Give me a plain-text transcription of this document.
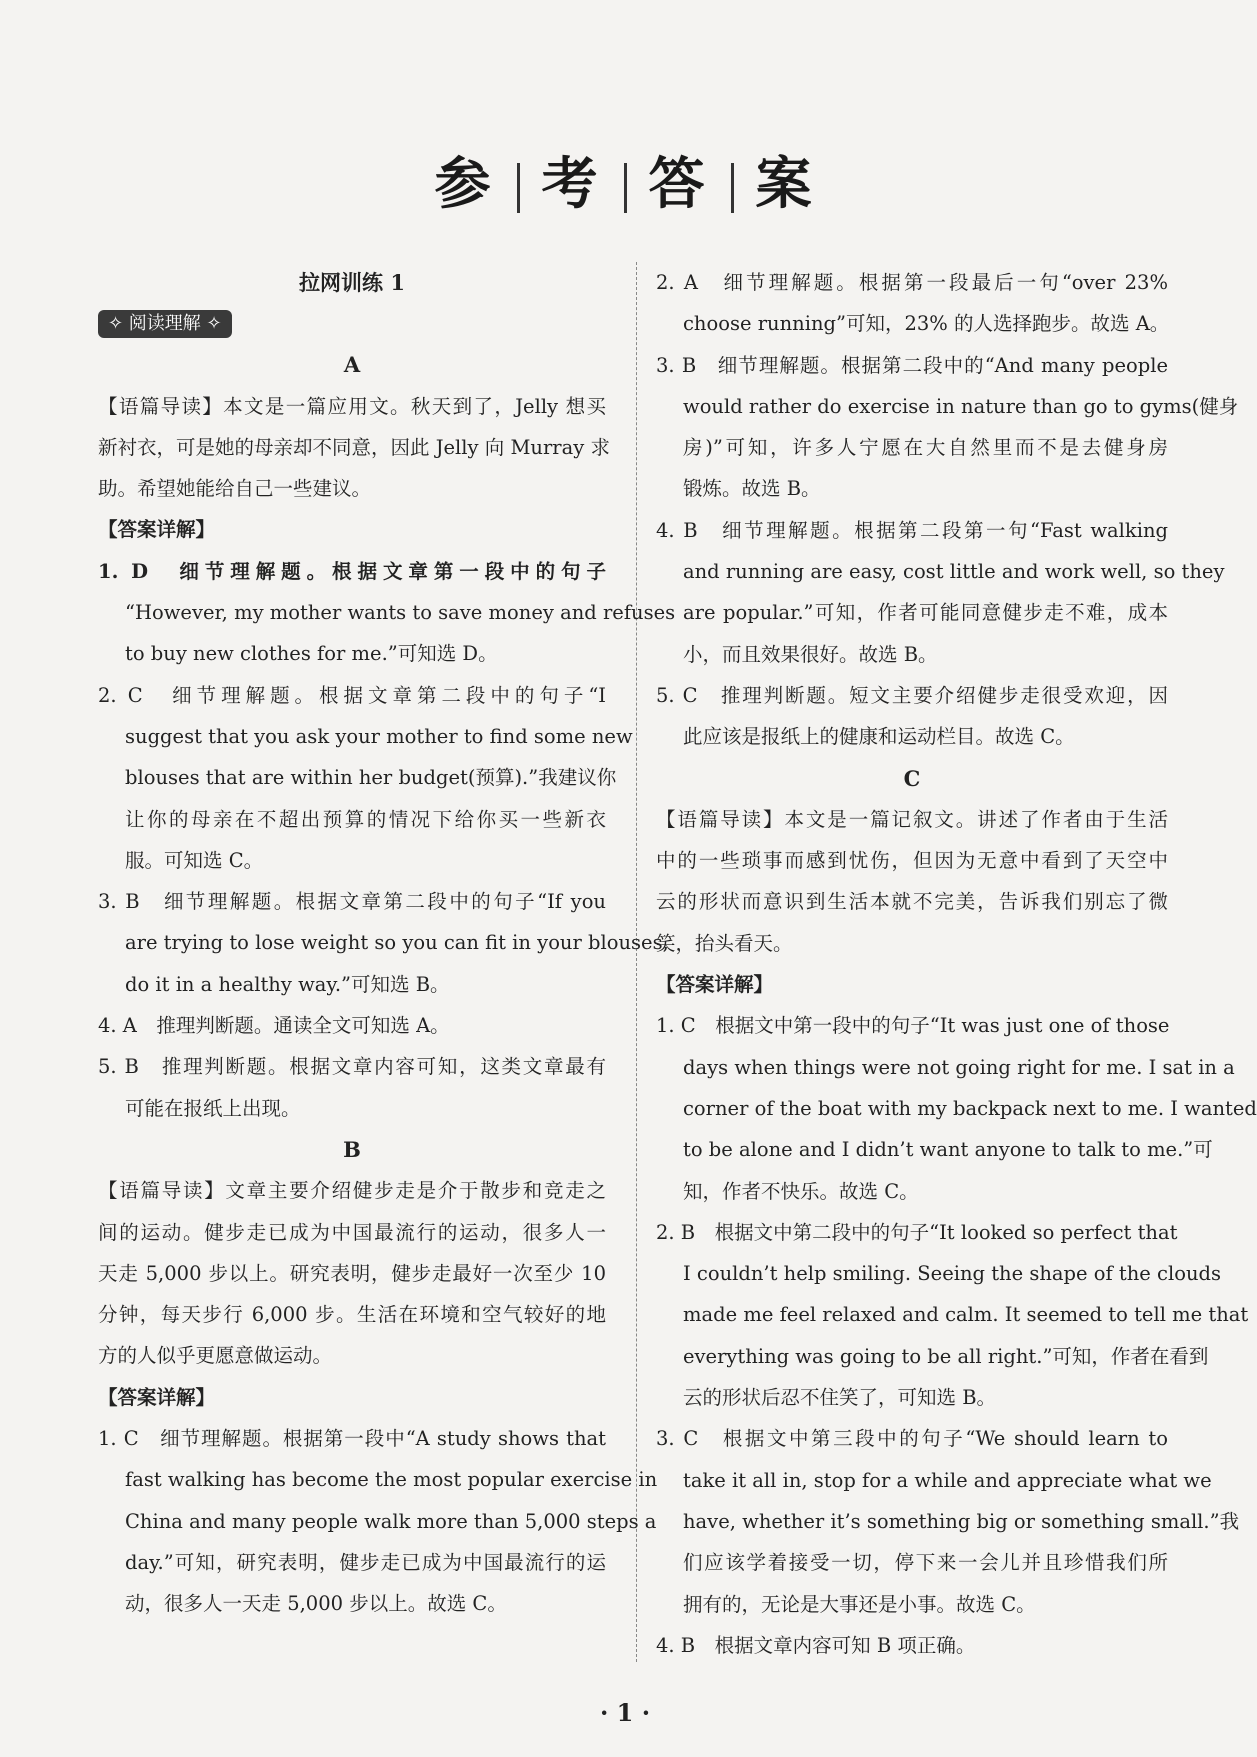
参 考 答 案
拉网训练 1
✧ 阅读理解 ✧
A
【语篇导读】本文是一篇应用文。秋天到了，Jelly 想买
新衬衣，可是她的母亲却不同意，因此 Jelly 向 Murray 求
助。希望她能给自己一些建议。
【答案详解】
1. D　细节理解题。根据文章第一段中的句子
“However, my mother wants to save money and refuses
to buy new clothes for me.”可知选 D。
2. C　细节理解题。根据文章第二段中的句子“I
suggest that you ask your mother to find some new
blouses that are within her budget(预算).”我建议你
让你的母亲在不超出预算的情况下给你买一些新衣
服。可知选 C。
3. B　细节理解题。根据文章第二段中的句子“If you
are trying to lose weight so you can fit in your blouses,
do it in a healthy way.”可知选 B。
4. A　推理判断题。通读全文可知选 A。
5. B　推理判断题。根据文章内容可知，这类文章最有
可能在报纸上出现。
B
【语篇导读】文章主要介绍健步走是介于散步和竞走之
间的运动。健步走已成为中国最流行的运动，很多人一
天走 5,000 步以上。研究表明，健步走最好一次至少 10
分钟，每天步行 6,000 步。生活在环境和空气较好的地
方的人似乎更愿意做运动。
【答案详解】
1. C　细节理解题。根据第一段中“A study shows that
fast walking has become the most popular exercise in
China and many people walk more than 5,000 steps a
day.”可知，研究表明，健步走已成为中国最流行的运
动，很多人一天走 5,000 步以上。故选 C。
2. A　细节理解题。根据第一段最后一句“over 23%
choose running”可知，23% 的人选择跑步。故选 A。
3. B　细节理解题。根据第二段中的“And many people
would rather do exercise in nature than go to gyms(健身
房)”可知，许多人宁愿在大自然里而不是去健身房
锻炼。故选 B。
4. B　细节理解题。根据第二段第一句“Fast walking
and running are easy, cost little and work well, so they
are popular.”可知，作者可能同意健步走不难，成本
小，而且效果很好。故选 B。
5. C　推理判断题。短文主要介绍健步走很受欢迎，因
此应该是报纸上的健康和运动栏目。故选 C。
C
【语篇导读】本文是一篇记叙文。讲述了作者由于生活
中的一些琐事而感到忧伤，但因为无意中看到了天空中
云的形状而意识到生活本就不完美，告诉我们别忘了微
笑，抬头看天。
【答案详解】
1. C　根据文中第一段中的句子“It was just one of those
days when things were not going right for me. I sat in a
corner of the boat with my backpack next to me. I wanted
to be alone and I didn’t want anyone to talk to me.”可
知，作者不快乐。故选 C。
2. B　根据文中第二段中的句子“It looked so perfect that
I couldn’t help smiling. Seeing the shape of the clouds
made me feel relaxed and calm. It seemed to tell me that
everything was going to be all right.”可知，作者在看到
云的形状后忍不住笑了，可知选 B。
3. C　根据文中第三段中的句子“We should learn to
take it all in, stop for a while and appreciate what we
have, whether it’s something big or something small.”我
们应该学着接受一切，停下来一会儿并且珍惜我们所
拥有的，无论是大事还是小事。故选 C。
4. B　根据文章内容可知 B 项正确。
· 1 ·
